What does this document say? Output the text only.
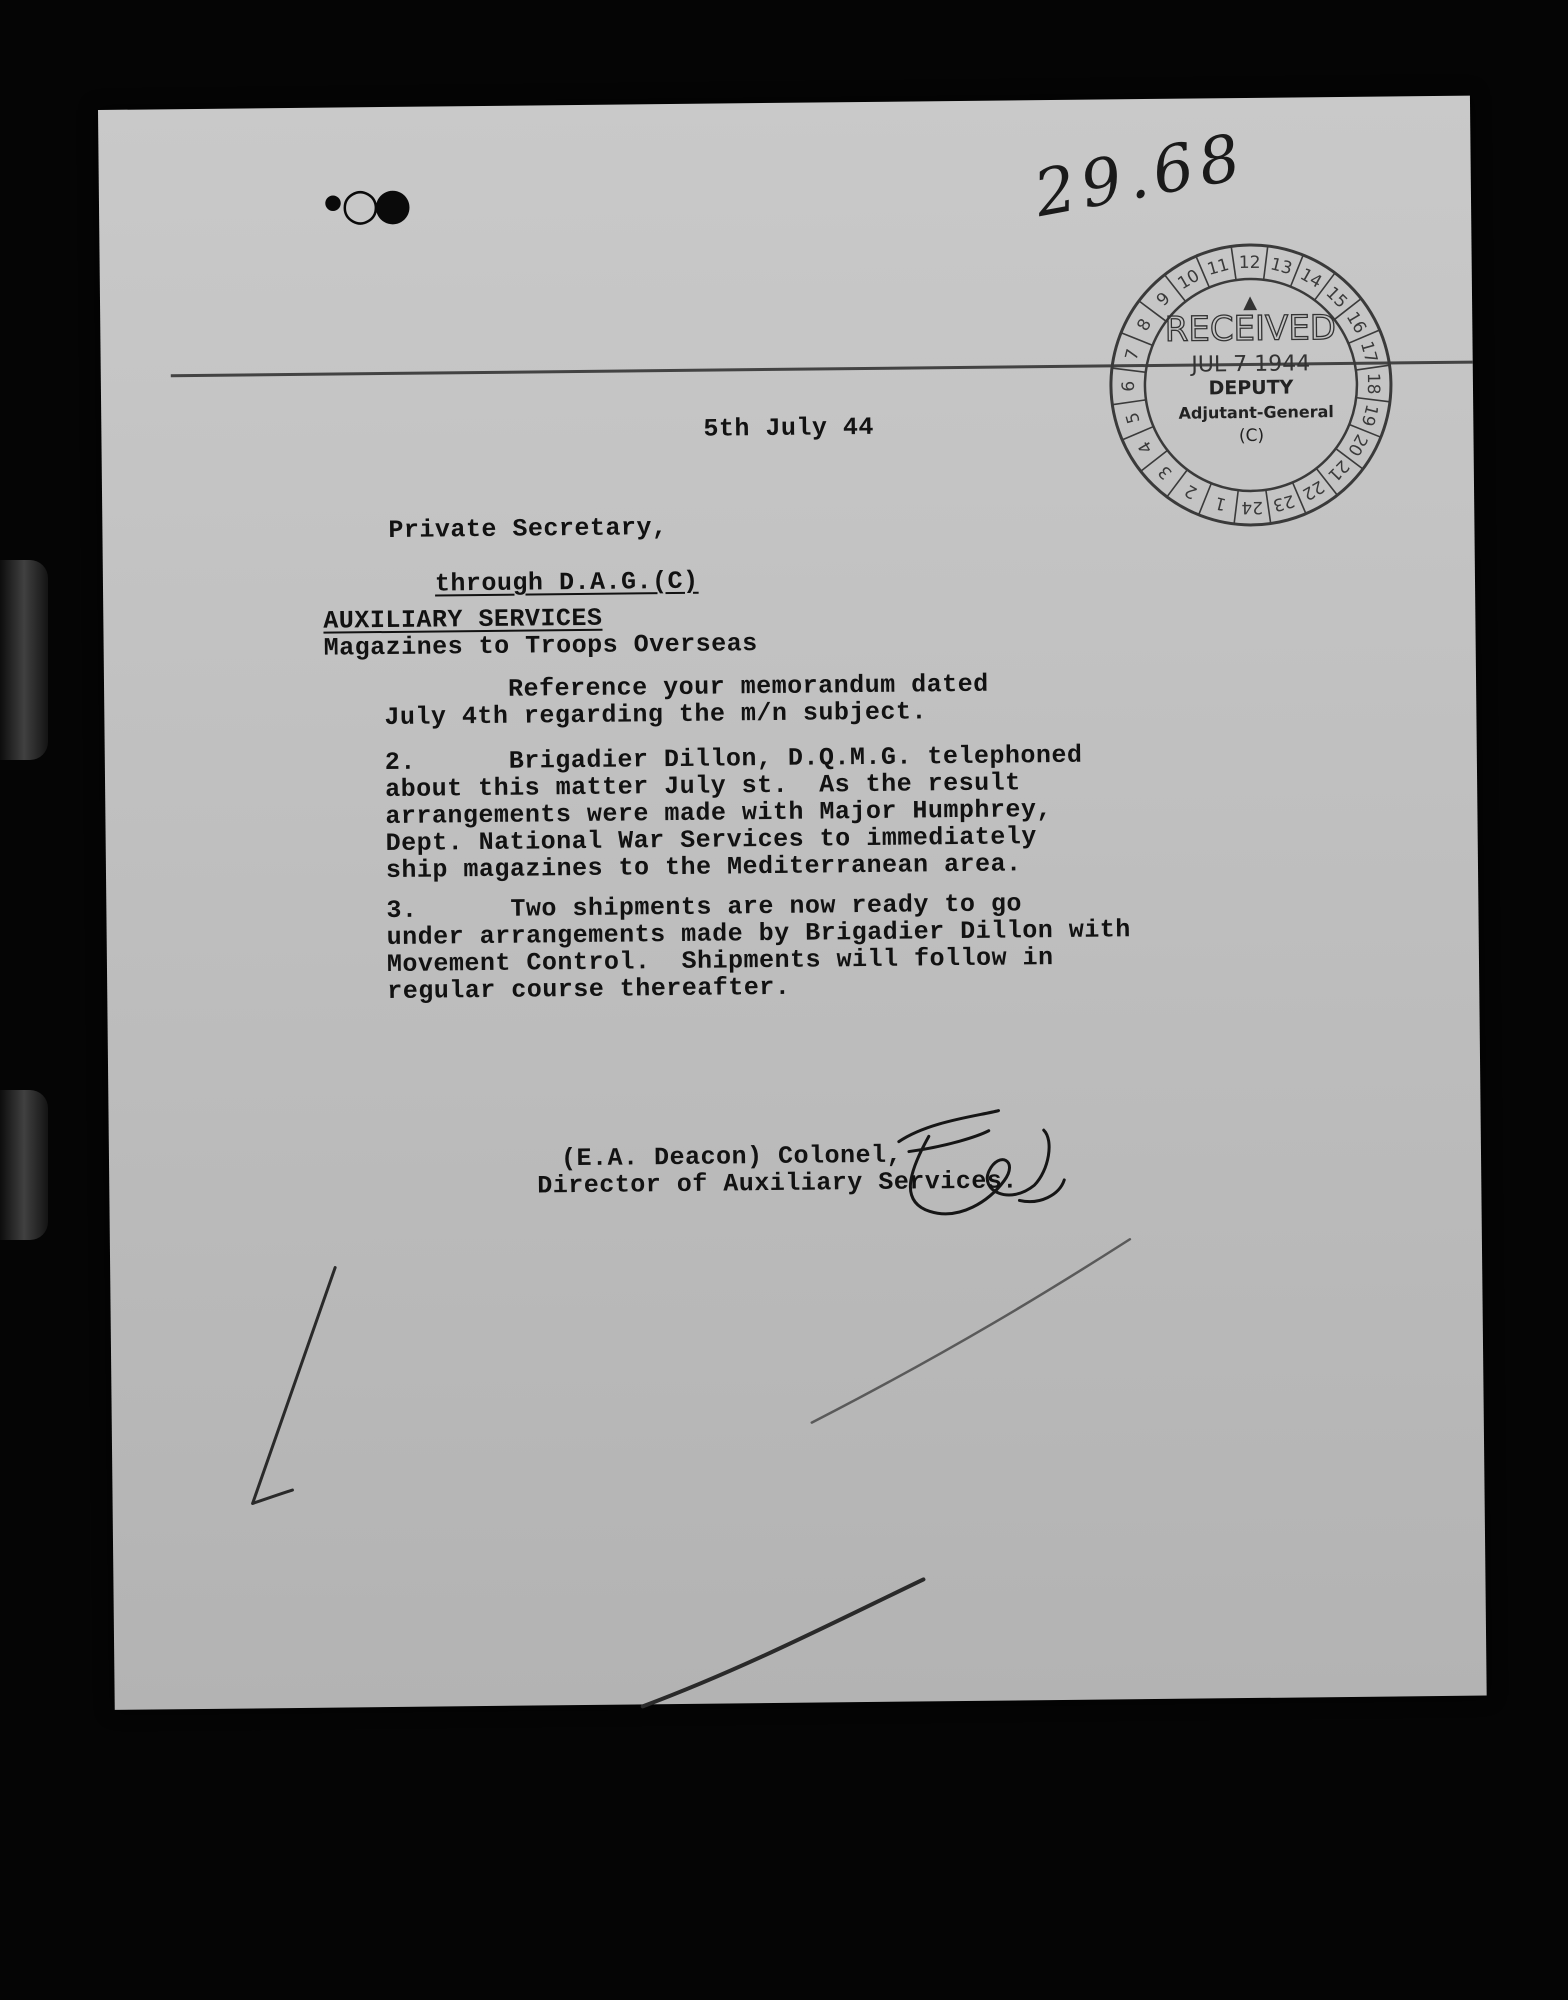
•○●	29.68
1
2
3
4
5
6
7
8
9
10 11 12 13 14
15
16
17
18
19
20
21
22
23
24
▲
RECEIVED
JUL 7 1944
DEPUTY
Adjutant-General
(C)
5th July 44
Private Secretary,
through D.A.G.(C)
AUXILIARY SERVICES
Magazines to Troops Overseas
Reference your memorandum dated
July 4th regarding the m/n subject.
2.      Brigadier Dillon, D.Q.M.G. telephoned
about this matter July st.  As the result
arrangements were made with Major Humphrey,
Dept. National War Services to immediately
ship magazines to the Mediterranean area.
3.      Two shipments are now ready to go
under arrangements made by Brigadier Dillon with
Movement Control.  Shipments will follow in
regular course thereafter.
(E.A. Deacon) Colonel,
Director of Auxiliary Services.
